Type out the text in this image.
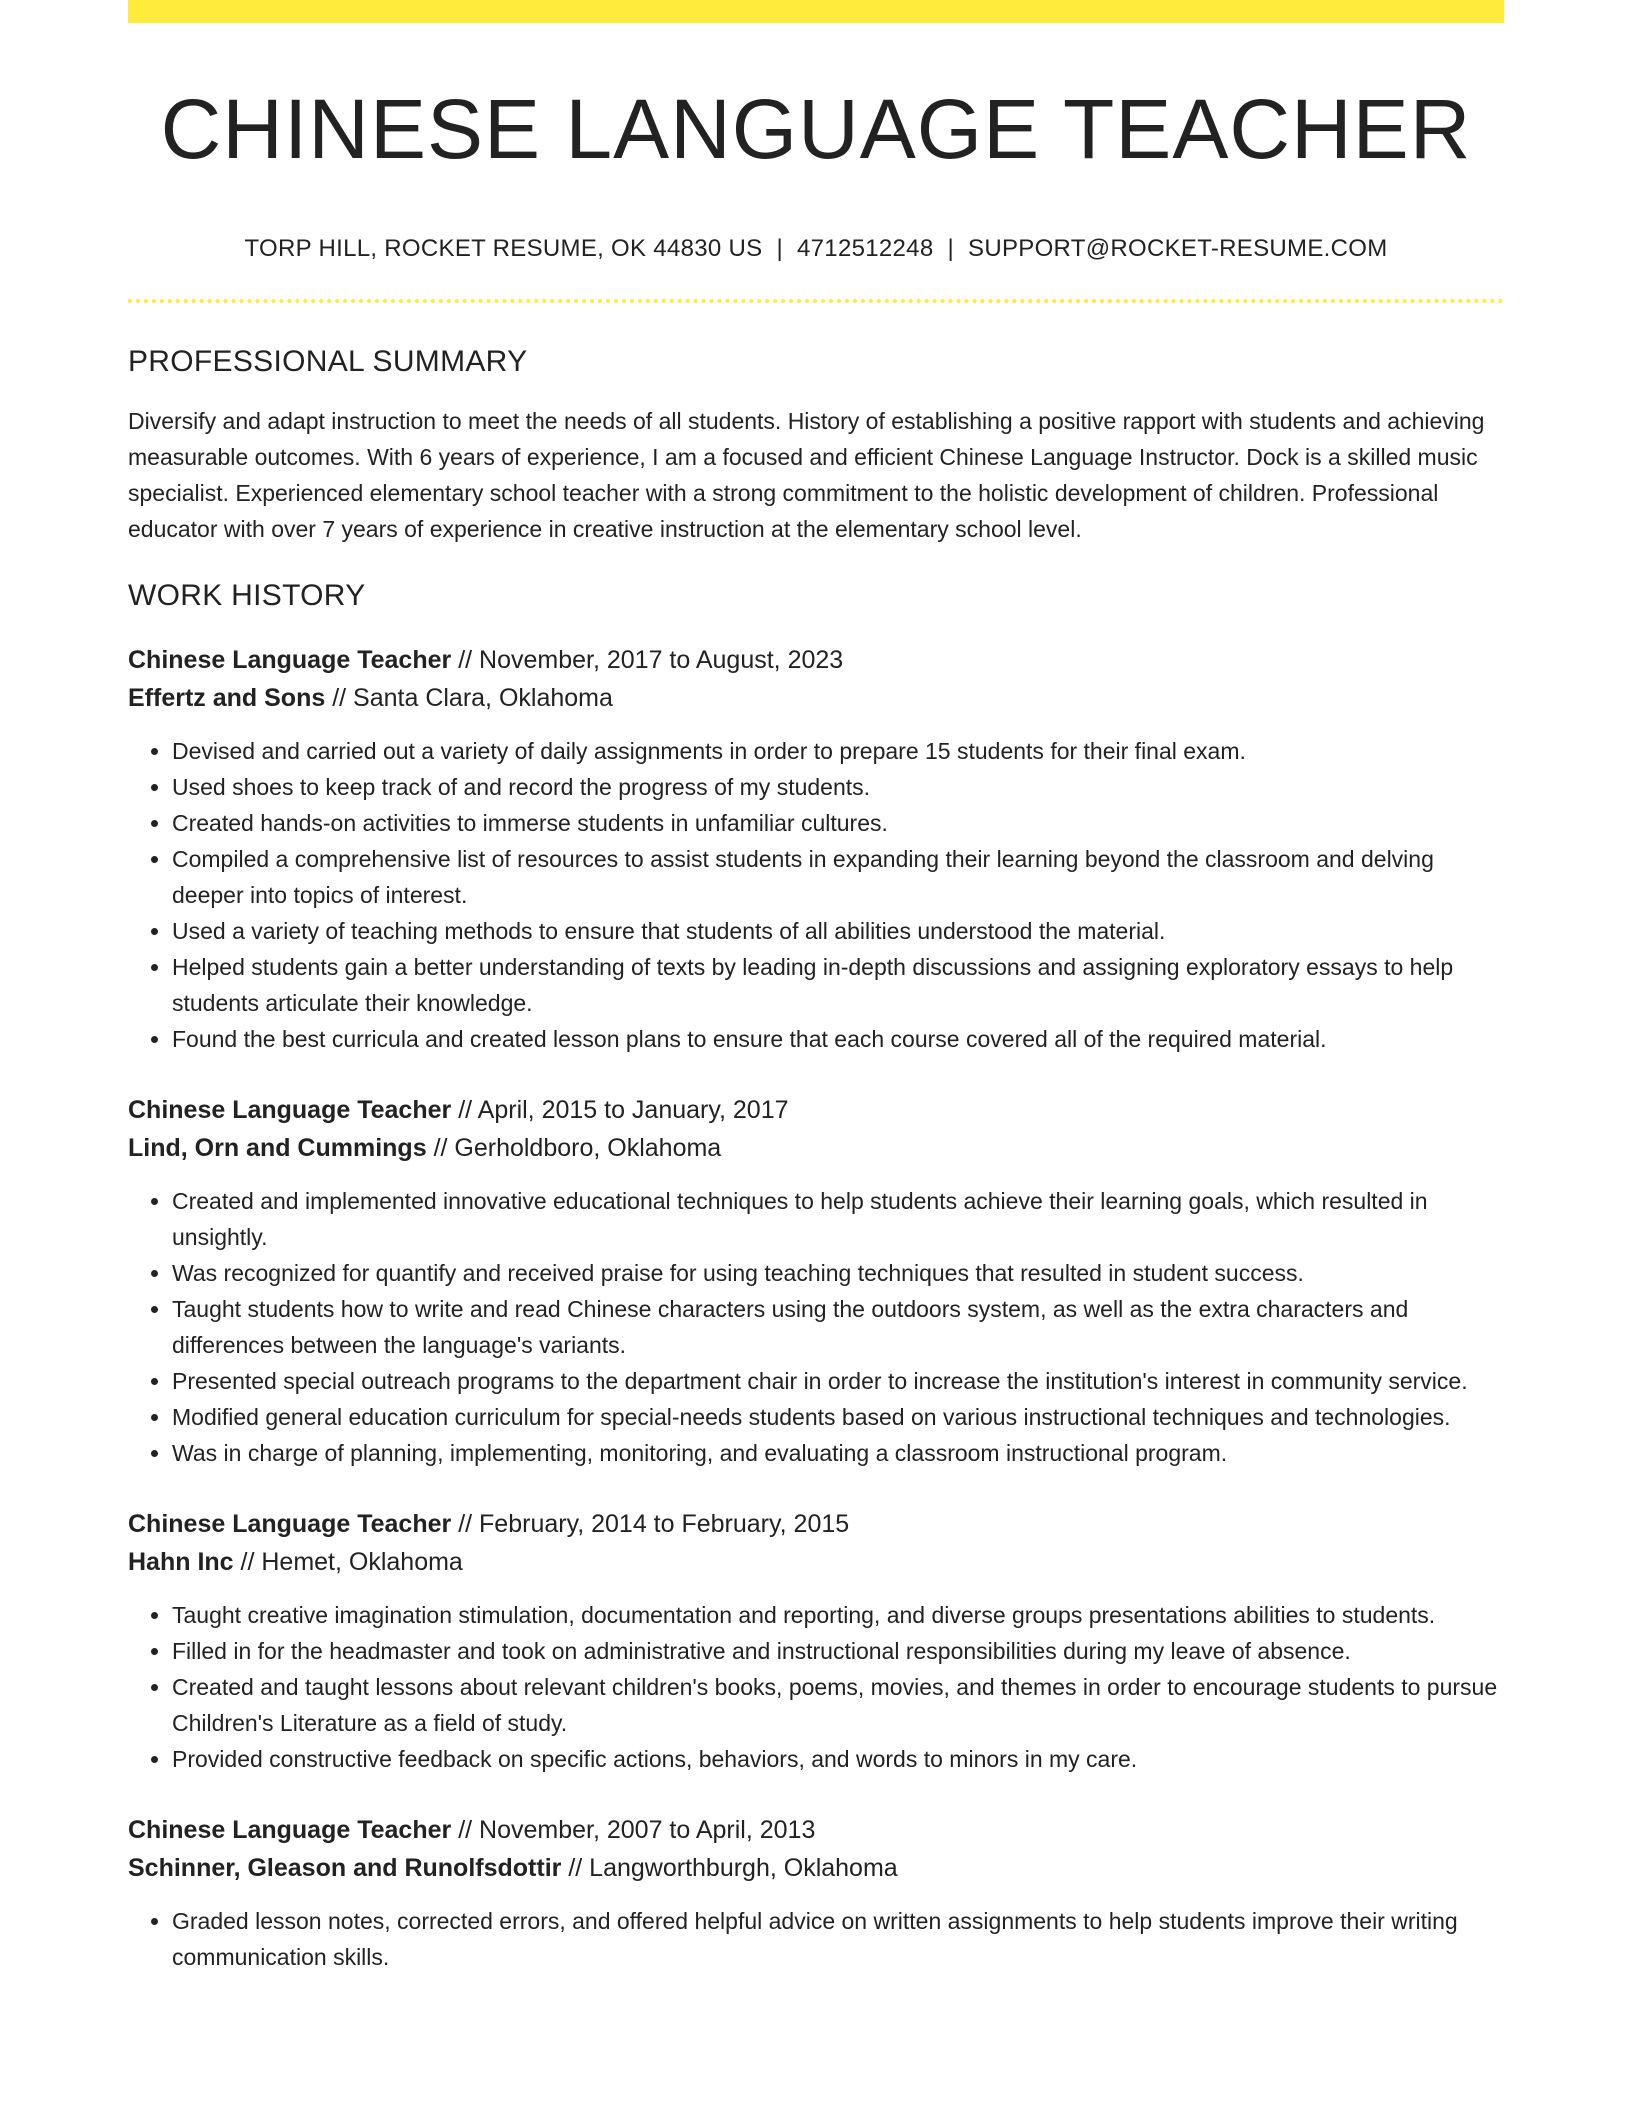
CHINESE LANGUAGE TEACHER
TORP HILL, ROCKET RESUME, OK 44830 US | 4712512248 | SUPPORT@ROCKET-RESUME.COM
PROFESSIONAL SUMMARY

Diversify and adapt instruction to meet the needs of all students. History of establishing a positive rapport with students and achieving measurable outcomes. With 6 years of experience, I am a focused and efficient Chinese Language Instructor. Dock is a skilled music specialist. Experienced elementary school teacher with a strong commitment to the holistic development of children. Professional educator with over 7 years of experience in creative instruction at the elementary school level.

WORK HISTORY
Chinese Language Teacher // November, 2017 to August, 2023
Effertz and Sons // Santa Clara, Oklahoma
• Devised and carried out a variety of daily assignments in order to prepare 15 students for their final exam.
• Used shoes to keep track of and record the progress of my students.
• Created hands-on activities to immerse students in unfamiliar cultures.
• Compiled a comprehensive list of resources to assist students in expanding their learning beyond the classroom and delving deeper into topics of interest.
• Used a variety of teaching methods to ensure that students of all abilities understood the material.
• Helped students gain a better understanding of texts by leading in-depth discussions and assigning exploratory essays to help students articulate their knowledge.
• Found the best curricula and created lesson plans to ensure that each course covered all of the required material.
Chinese Language Teacher // April, 2015 to January, 2017
Lind, Orn and Cummings // Gerholdboro, Oklahoma
• Created and implemented innovative educational techniques to help students achieve their learning goals, which resulted in unsightly.
• Was recognized for quantify and received praise for using teaching techniques that resulted in student success.
• Taught students how to write and read Chinese characters using the outdoors system, as well as the extra characters and differences between the language's variants.
• Presented special outreach programs to the department chair in order to increase the institution's interest in community service.
• Modified general education curriculum for special-needs students based on various instructional techniques and technologies.
• Was in charge of planning, implementing, monitoring, and evaluating a classroom instructional program.
Chinese Language Teacher // February, 2014 to February, 2015
Hahn Inc // Hemet, Oklahoma
• Taught creative imagination stimulation, documentation and reporting, and diverse groups presentations abilities to students.
• Filled in for the headmaster and took on administrative and instructional responsibilities during my leave of absence.
• Created and taught lessons about relevant children's books, poems, movies, and themes in order to encourage students to pursue Children's Literature as a field of study.
• Provided constructive feedback on specific actions, behaviors, and words to minors in my care.
Chinese Language Teacher // November, 2007 to April, 2013
Schinner, Gleason and Runolfsdottir // Langworthburgh, Oklahoma
• Graded lesson notes, corrected errors, and offered helpful advice on written assignments to help students improve their writing communication skills.
